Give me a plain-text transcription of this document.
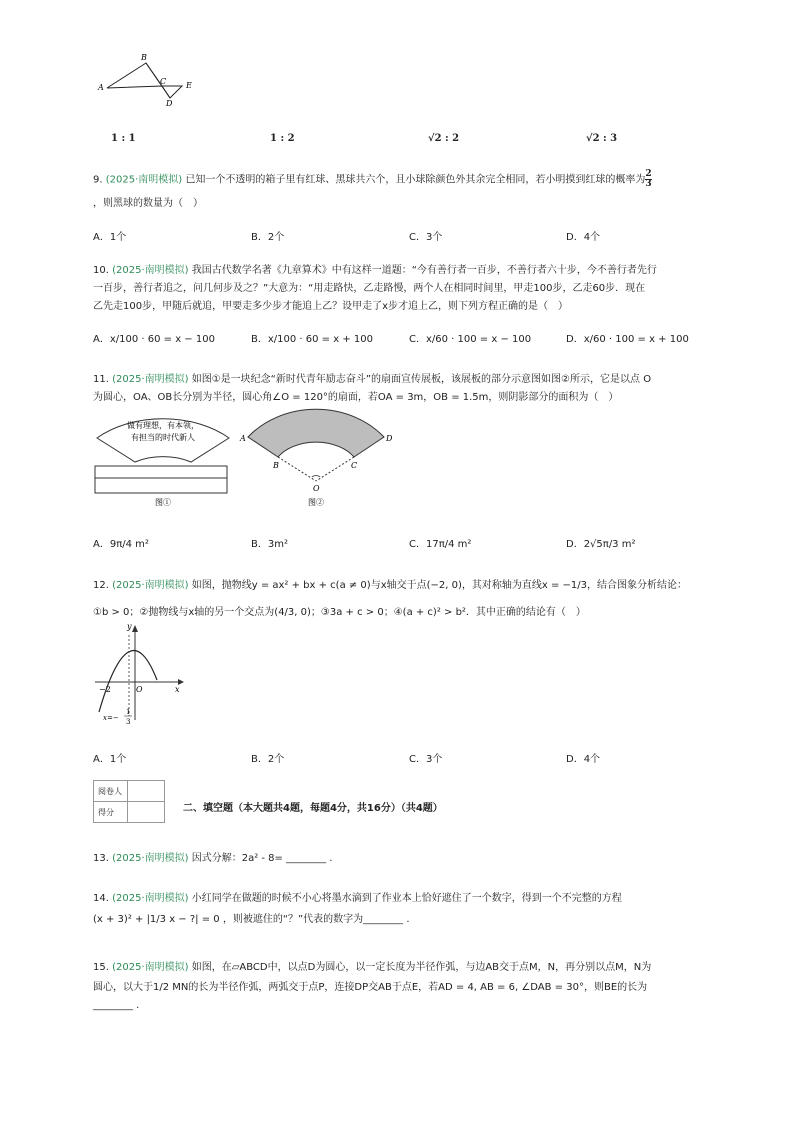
A
B
C
D
E
1 : 1	1 : 2	√2 : 2	√2 : 3
9. (2025·南明模拟) 已知一个不透明的箱子里有红球、黑球共六个，且小球除颜色外其余完全相同，若小明摸到红球的概率为 $\frac{2}{3}$
，则黑球的数量为（　）
A．1个	B．2个	C．3个	D．4个
10. (2025·南明模拟) 我国古代数学名著《九章算术》中有这样一道题：“今有善行者一百步，不善行者六十步，今不善行者先行
一百步，善行者追之，问几何步及之？”大意为：“用走路快，乙走路慢，两个人在相同时间里，甲走100步，乙走60步．现在
乙先走100步，甲随后就追，甲要走多少步才能追上乙？设甲走了x步才追上乙，则下列方程正确的是（　）
A．x/100 · 60 = x − 100	B．x/100 · 60 = x + 100	C．x/60 · 100 = x − 100	D．x/60 · 100 = x + 100
11. (2025·南明模拟) 如图①是一块纪念“新时代青年励志奋斗”的扇面宣传展板，该展板的部分示意图如图②所示，它是以点 O
为圆心，OA、OB长分别为半径，圆心角∠O = 120°的扇面，若OA = 3m，OB = 1.5m，则阴影部分的面积为（　）
做有理想，有本领，
有担当的时代新人
图①
A
B	C
D
O
图②
A．9π/4 m²	B．3m²	C．17π/4 m²	D．2√5π/3 m²
12. (2025·南明模拟) 如图，抛物线y = ax² + bx + c(a ≠ 0)与x轴交于点(−2, 0)，其对称轴为直线x = −1/3，结合图象分析结论：
①b > 0；②抛物线与x轴的另一个交点为(4/3, 0)；③3a + c > 0；④(a + c)² > b²．其中正确的结论有（　）
y
x
O
−2
x=−
1
3
A．1个	B．2个	C．3个	D．4个
阅卷人	
得分		二、填空题（本大题共4题，每题4分，共16分）（共4题）
13. (2025·南明模拟) 因式分解：2a² - 8= ________ .
14. (2025·南明模拟) 小红同学在做题的时候不小心将墨水滴到了作业本上恰好遮住了一个数字，得到一个不完整的方程
(x + 3)² + |1/3 x − ?| = 0 ，则被遮住的“？”代表的数字为________ .
15. (2025·南明模拟) 如图，在▱ABCD中，以点D为圆心，以一定长度为半径作弧，与边AB交于点M，N，再分别以点M，N为
圆心，以大于1/2 MN的长为半径作弧，两弧交于点P，连接DP交AB于点E，若AD = 4, AB = 6, ∠DAB = 30°，则BE的长为
________ .
